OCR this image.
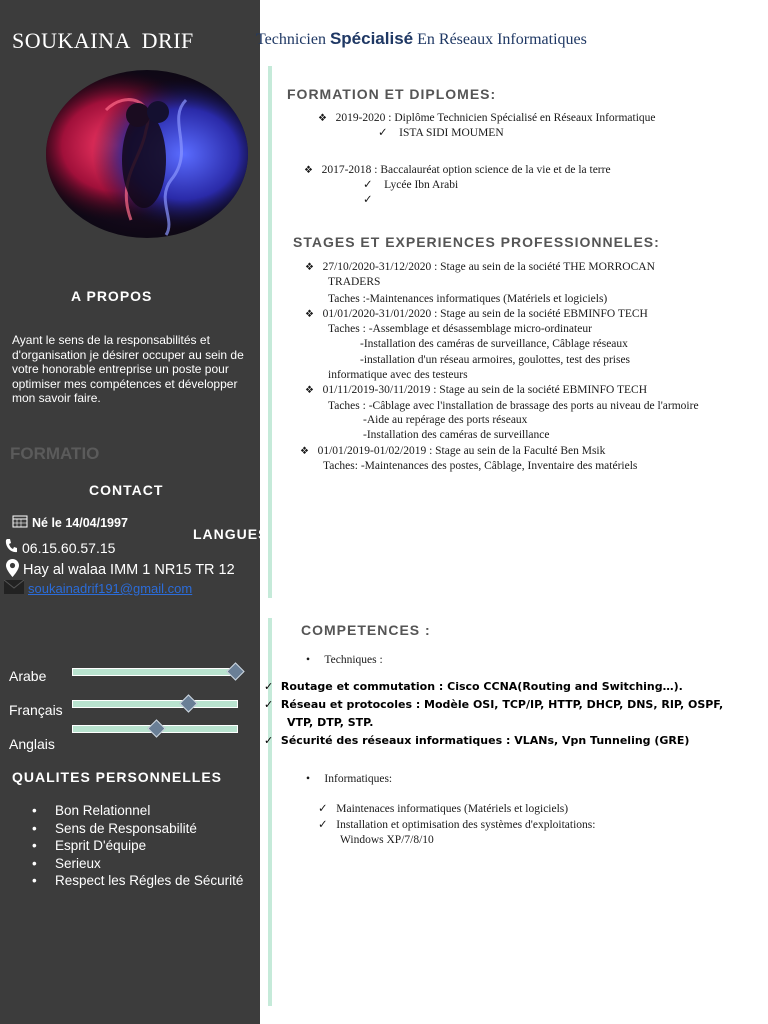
SOUKAINA  DRIF
A PROPOS
Ayant le sens de la responsabilités et d'organisation je désirer occuper au sein de votre honorable entreprise un poste pour optimiser mes compétences et développer mon savoir faire.
FORMATIO
CONTACT
Né le 14/04/1997
06.15.60.57.15
Hay al walaa IMM 1 NR15 TR 12
soukainadrif191@gmail.com
LANGUES
Arabe
Français
Anglais
QUALITES PERSONNELLES
• Bon Relationnel
• Sens de Responsabilité
• Esprit D'équipe
• Serieux
• Respect les Régles de Sécurité
Technicien Spécialisé En Réseaux Informatiques
FORMATION ET DIPLOMES:
❖ 2019-2020 : Diplôme Technicien Spécialisé en Réseaux Informatique
✓ ISTA SIDI MOUMEN
❖ 2017-2018 : Baccalauréat option science de la vie et de la terre
✓ Lycée Ibn Arabi
✓
STAGES ET EXPERIENCES PROFESSIONNELES:
❖ 27/10/2020-31/12/2020 : Stage au sein de la société THE MORROCAN
TRADERS
Taches :-Maintenances informatiques (Matériels et logiciels)
❖ 01/01/2020-31/01/2020 : Stage au sein de la société EBMINFO TECH
Taches : -Assemblage et désassemblage micro-ordinateur
-Installation des caméras de surveillance, Câblage réseaux
-installation d'un réseau armoires, goulottes, test des prises
informatique avec des testeurs
❖ 01/11/2019-30/11/2019 : Stage au sein de la société EBMINFO TECH
Taches : -Câblage avec l'installation de brassage des ports au niveau de l'armoire
-Aide au repérage des ports réseaux
-Installation des caméras de surveillance
❖ 01/01/2019-01/02/2019 : Stage au sein de la Faculté Ben Msik
Taches: -Maintenances des postes, Câblage, Inventaire des matériels
COMPETENCES :
• Techniques :
✓ Routage et commutation : Cisco CCNA(Routing and Switching…).
✓ Réseau et protocoles : Modèle OSI, TCP/IP, HTTP, DHCP, DNS, RIP, OSPF,
VTP, DTP, STP.
✓ Sécurité des réseaux informatiques : VLANs, Vpn Tunneling (GRE)
• Informatiques:
✓ Maintenaces informatiques (Matériels et logiciels)
✓ Installation et optimisation des systèmes d'exploitations:
Windows XP/7/8/10
